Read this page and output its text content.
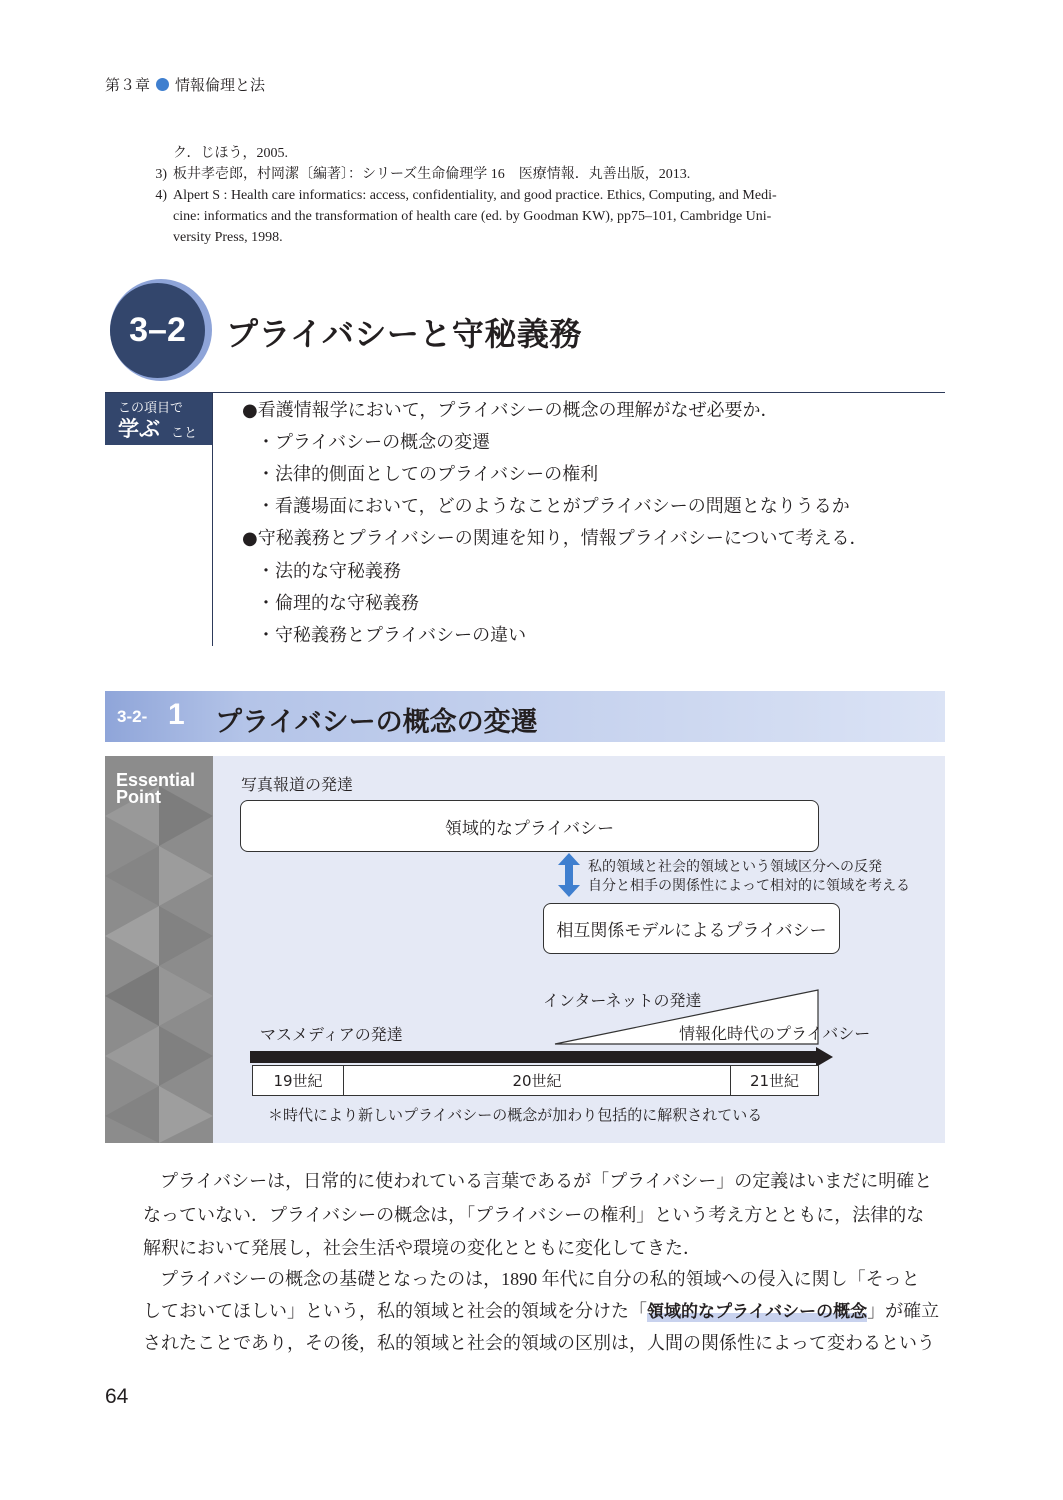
第３章 情報倫理と法
ク．じほう，2005.
3) 板井孝壱郎，村岡潔〔編著〕：シリーズ生命倫理学 16　医療情報．丸善出版，2013.
4) Alpert S : Health care informatics: access, confidentiality, and good practice. Ethics, Computing, and Medi-
cine: informatics and the transformation of health care (ed. by Goodman KW), pp75–101, Cambridge Uni-
versity Press, 1998.
3–2	プライバシーと守秘義務
この項目で
学ぶ こと
●看護情報学において，プライバシーの概念の理解がなぜ必要か．
・プライバシーの概念の変遷
・法律的側面としてのプライバシーの権利
・看護場面において，どのようなことがプライバシーの問題となりうるか
●守秘義務とプライバシーの関連を知り，情報プライバシーについて考える．
・法的な守秘義務
・倫理的な守秘義務
・守秘義務とプライバシーの違い
3-2- 1 プライバシーの概念の変遷
Essential
Point
写真報道の発達
領域的なプライバシー
私的領域と社会的領域という領域区分への反発
自分と相手の関係性によって相対的に領域を考える
相互関係モデルによるプライバシー
インターネットの発達
マスメディアの発達	情報化時代のプライバシー
19世紀	20世紀	21世紀
＊時代により新しいプライバシーの概念が加わり包括的に解釈されている
プライバシーは，日常的に使われている言葉であるが「プライバシー」の定義はいまだに明確と
なっていない．プライバシーの概念は，「プライバシーの権利」という考え方とともに，法律的な
解釈において発展し，社会生活や環境の変化とともに変化してきた．
プライバシーの概念の基礎となったのは，1890 年代に自分の私的領域への侵入に関し「そっと
しておいてほしい」という，私的領域と社会的領域を分けた「領域的なプライバシーの概念」が確立
されたことであり，その後，私的領域と社会的領域の区別は，人間の関係性によって変わるという
64
